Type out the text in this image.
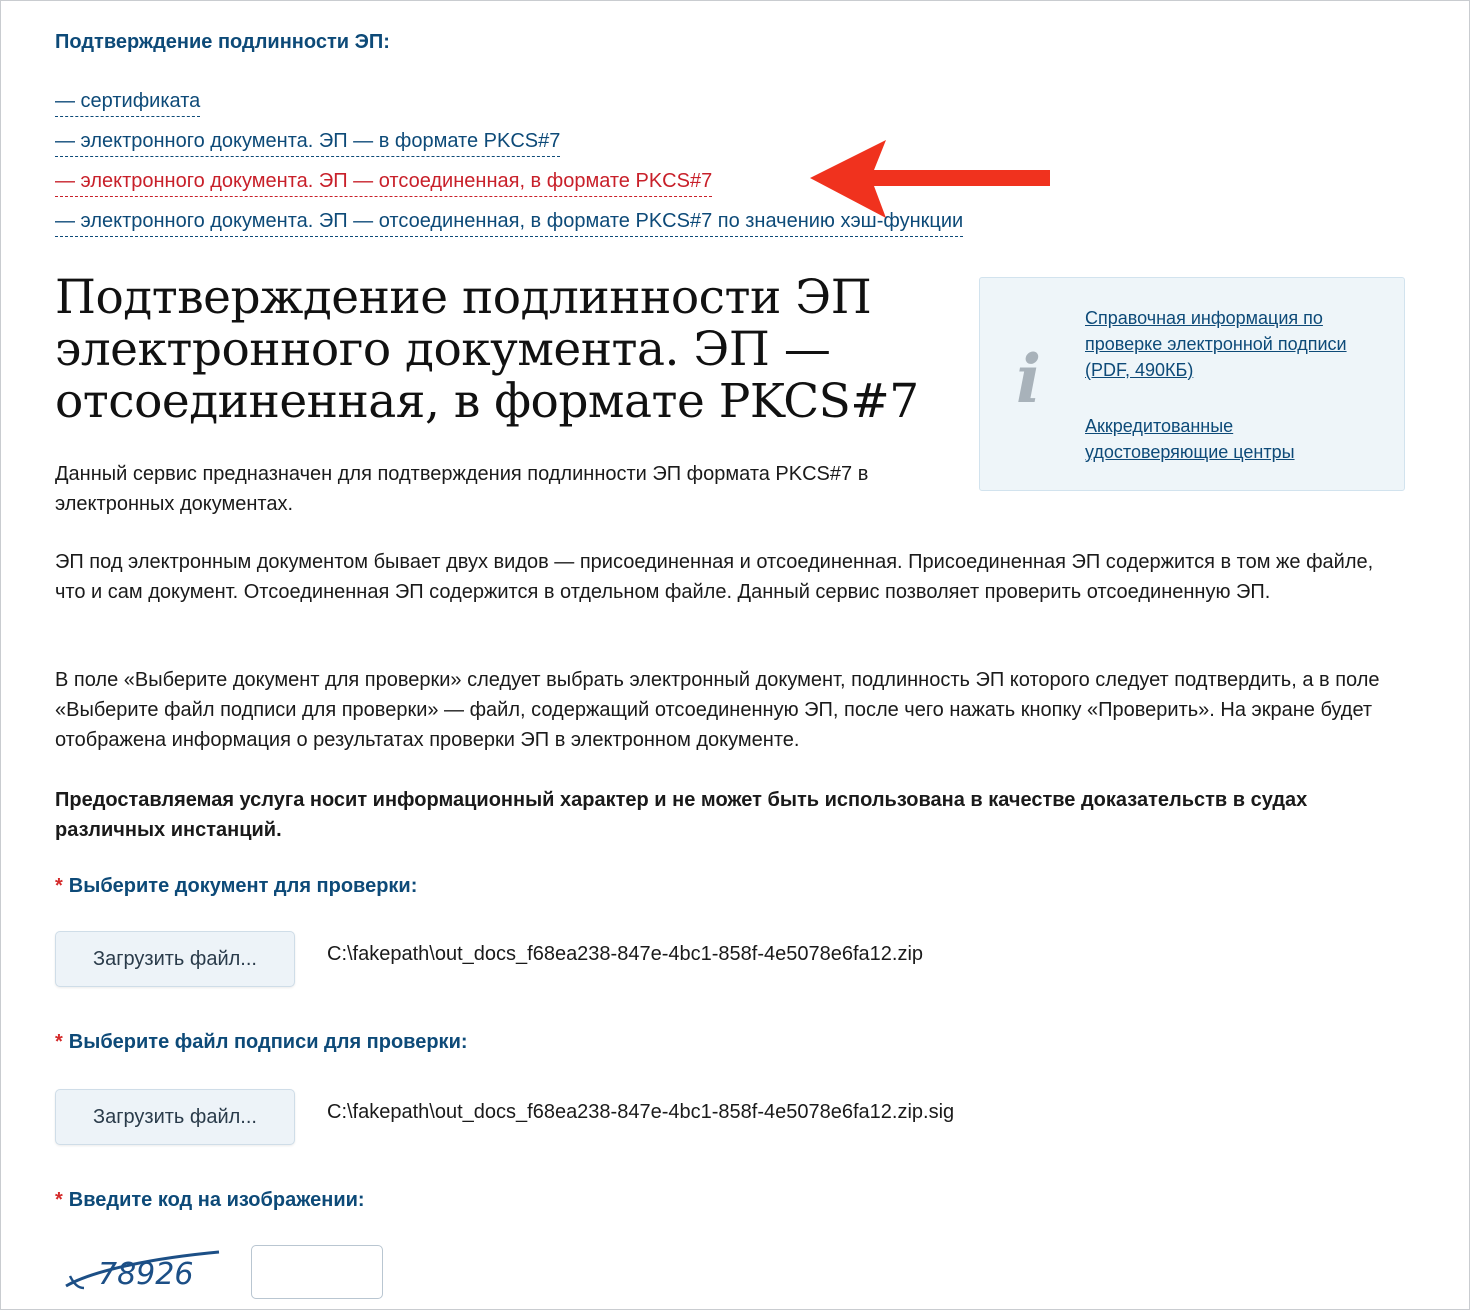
Подтверждение подлинности ЭП:
— сертификата
— электронного документа. ЭП — в формате PKCS#7
— электронного документа. ЭП — отсоединенная, в формате PKCS#7
— электронного документа. ЭП — отсоединенная, в формате PKCS#7 по значению хэш-функции
Подтверждение подлинности ЭП электронного документа. ЭП — отсоединенная, в формате PKCS#7 i
Справочная информация по проверке электронной подписи (PDF, 490КБ)
Аккредитованные удостоверяющие центры

Данный сервис предназначен для подтверждения подлинности ЭП формата PKCS#7 в электронных документах.

ЭП под электронным документом бывает двух видов — присоединенная и отсоединенная. Присоединенная ЭП содержится в том же файле, что и сам документ. Отсоединенная ЭП содержится в отдельном файле. Данный сервис позволяет проверить отсоединенную ЭП.

В поле «Выберите документ для проверки» следует выбрать электронный документ, подлинность ЭП которого следует подтвердить, а в поле «Выберите файл подписи для проверки» — файл, содержащий отсоединенную ЭП, после чего нажать кнопку «Проверить». На экране будет отображена информация о результатах проверки ЭП в электронном документе.

Предоставляемая услуга носит информационный характер и не может быть использована в качестве доказательств в судах различных инстанций.

* Выберите документ для проверки:
Загрузить файл...	C:\fakepath\out_docs_f68ea238-847e-4bc1-858f-4e5078e6fa12.zip
* Выберите файл подписи для проверки:
Загрузить файл...	C:\fakepath\out_docs_f68ea238-847e-4bc1-858f-4e5078e6fa12.zip.sig
* Введите код на изображении:
78926
